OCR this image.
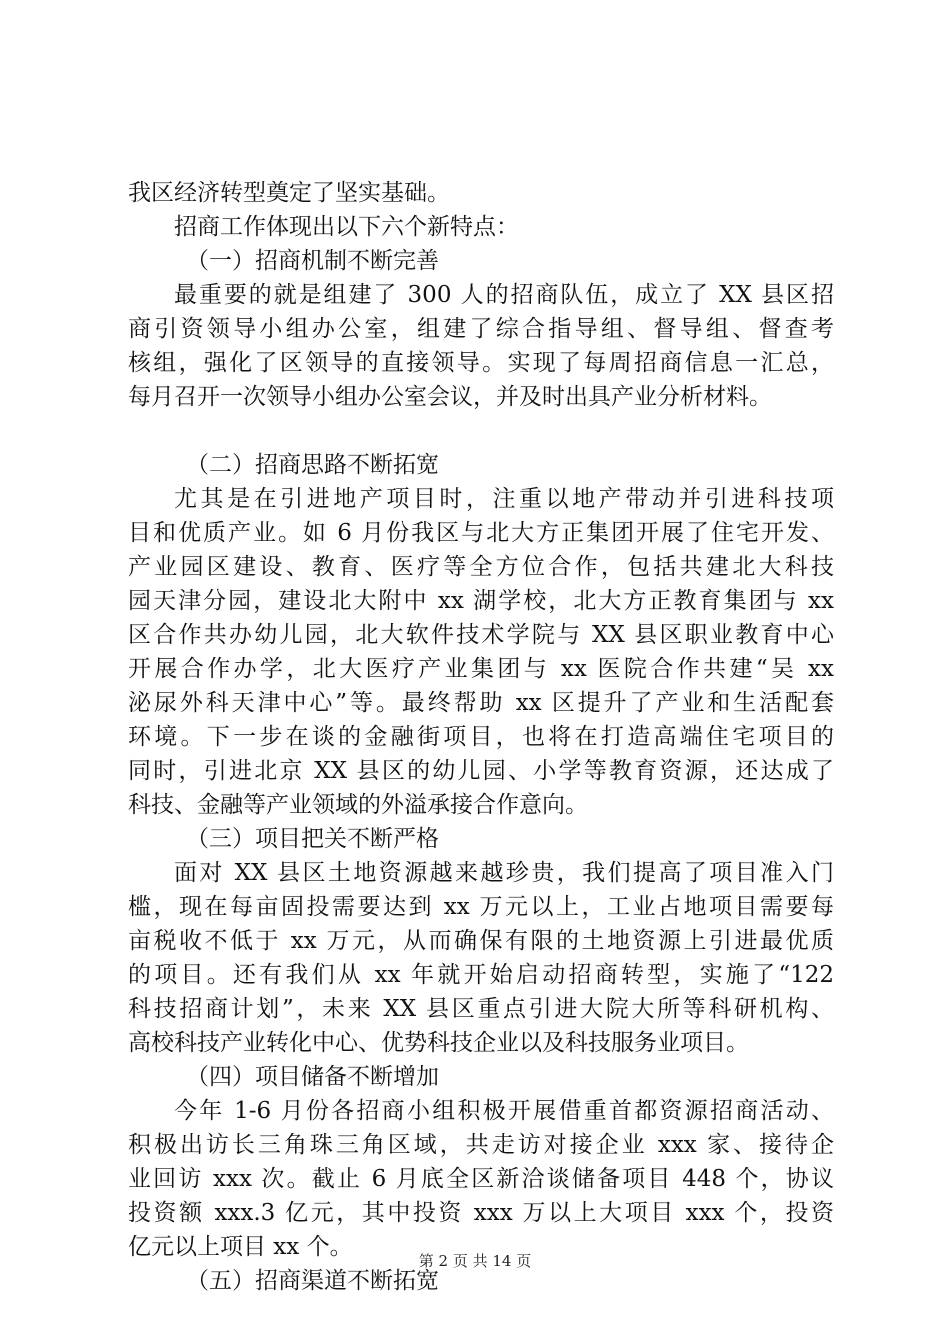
我区经济转型奠定了坚实基础。
招商工作体现出以下六个新特点：
（一）招商机制不断完善
最重要的就是组建了 300 人的招商队伍，成立了 XX 县区招
商引资领导小组办公室，组建了综合指导组、督导组、督查考
核组，强化了区领导的直接领导。实现了每周招商信息一汇总，
每月召开一次领导小组办公室会议，并及时出具产业分析材料。
（二）招商思路不断拓宽
尤其是在引进地产项目时，注重以地产带动并引进科技项
目和优质产业。如 6 月份我区与北大方正集团开展了住宅开发、
产业园区建设、教育、医疗等全方位合作，包括共建北大科技
园天津分园，建设北大附中 xx 湖学校，北大方正教育集团与 xx
区合作共办幼儿园，北大软件技术学院与 XX 县区职业教育中心
开展合作办学，北大医疗产业集团与 xx 医院合作共建“吴 xx
泌尿外科天津中心”等。最终帮助 xx 区提升了产业和生活配套
环境。下一步在谈的金融街项目，也将在打造高端住宅项目的
同时，引进北京 XX 县区的幼儿园、小学等教育资源，还达成了
科技、金融等产业领域的外溢承接合作意向。
（三）项目把关不断严格
面对 XX 县区土地资源越来越珍贵，我们提高了项目准入门
槛，现在每亩固投需要达到 xx 万元以上，工业占地项目需要每
亩税收不低于 xx 万元，从而确保有限的土地资源上引进最优质
的项目。还有我们从 xx 年就开始启动招商转型，实施了“122
科技招商计划”，未来 XX 县区重点引进大院大所等科研机构、
高校科技产业转化中心、优势科技企业以及科技服务业项目。
（四）项目储备不断增加
今年 1-6 月份各招商小组积极开展借重首都资源招商活动、
积极出访长三角珠三角区域，共走访对接企业 xxx 家、接待企
业回访 xxx 次。截止 6 月底全区新洽谈储备项目 448 个，协议
投资额 xxx.3 亿元，其中投资 xxx 万以上大项目 xxx 个，投资
亿元以上项目 xx 个。
（五）招商渠道不断拓宽
第 2 页 共 14 页
